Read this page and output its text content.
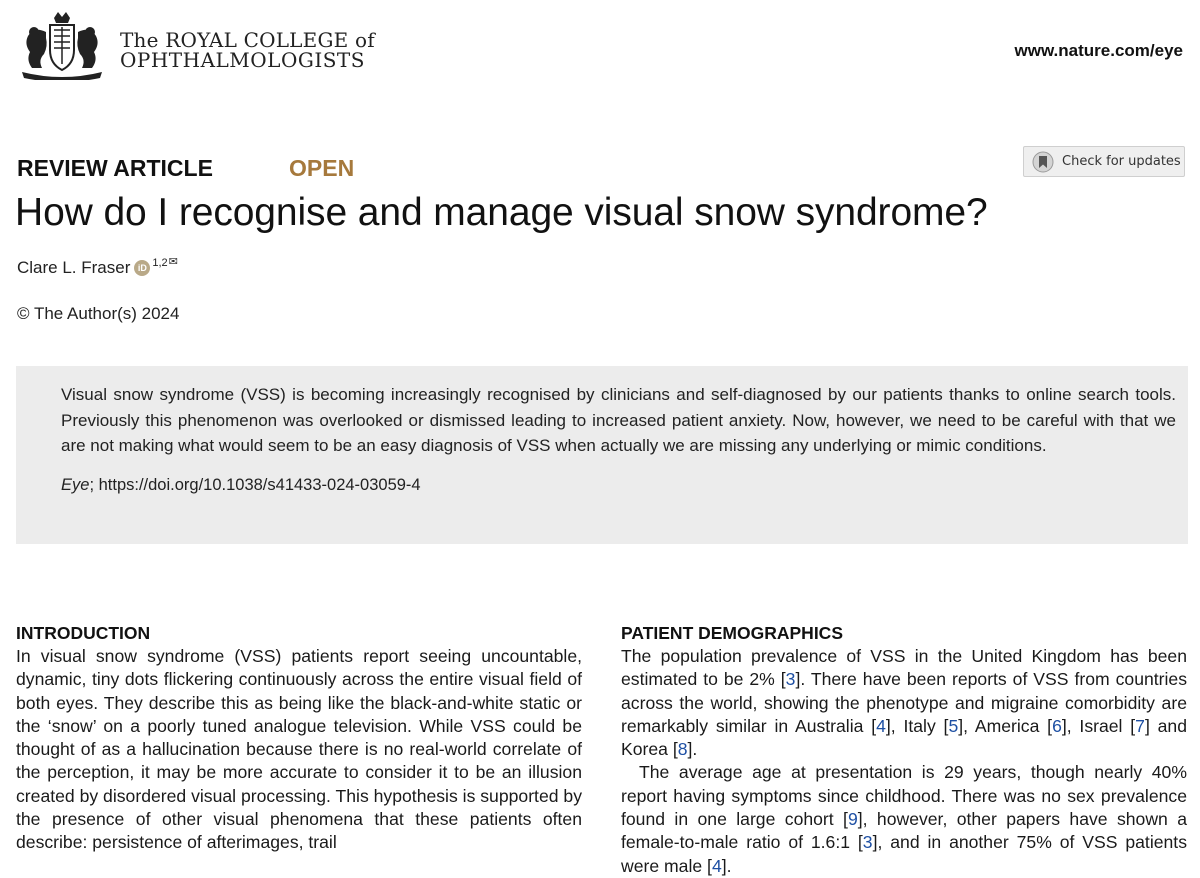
The ROYAL COLLEGE of
OPHTHALMOLOGISTS	www.nature.com/eye
REVIEW ARTICLE	OPEN	Check for updates
How do I recognise and manage visual snow syndrome?
Clare L. Fraser iD 1,2 ✉
© The Author(s) 2024

Visual snow syndrome (VSS) is becoming increasingly recognised by clinicians and self-diagnosed by our patients thanks to online search tools. Previously this phenomenon was overlooked or dismissed leading to increased patient anxiety. Now, however, we need to be careful with that we are not making what would seem to be an easy diagnosis of VSS when actually we are missing any underlying or mimic conditions.

Eye; https://doi.org/10.1038/s41433-024-03059-4
INTRODUCTION

In visual snow syndrome (VSS) patients report seeing uncountable, dynamic, tiny dots flickering continuously across the entire visual field of both eyes. They describe this as being like the black-and-white static or the ‘snow’ on a poorly tuned analogue television. While VSS could be thought of as a hallucination because there is no real-world correlate of the perception, it may be more accurate to consider it to be an illusion created by disordered visual processing. This hypothesis is supported by the presence of other visual phenomena that these patients often describe: persistence of afterimages, trail

PATIENT DEMOGRAPHICS

The population prevalence of VSS in the United Kingdom has been estimated to be 2% [3]. There have been reports of VSS from countries across the world, showing the phenotype and migraine comorbidity are remarkably similar in Australia [4], Italy [5], America [6], Israel [7] and Korea [8].

The average age at presentation is 29 years, though nearly 40% report having symptoms since childhood. There was no sex prevalence found in one large cohort [9], however, other papers have shown a female-to-male ratio of 1.6:1 [3], and in another 75% of VSS patients were male [4].
